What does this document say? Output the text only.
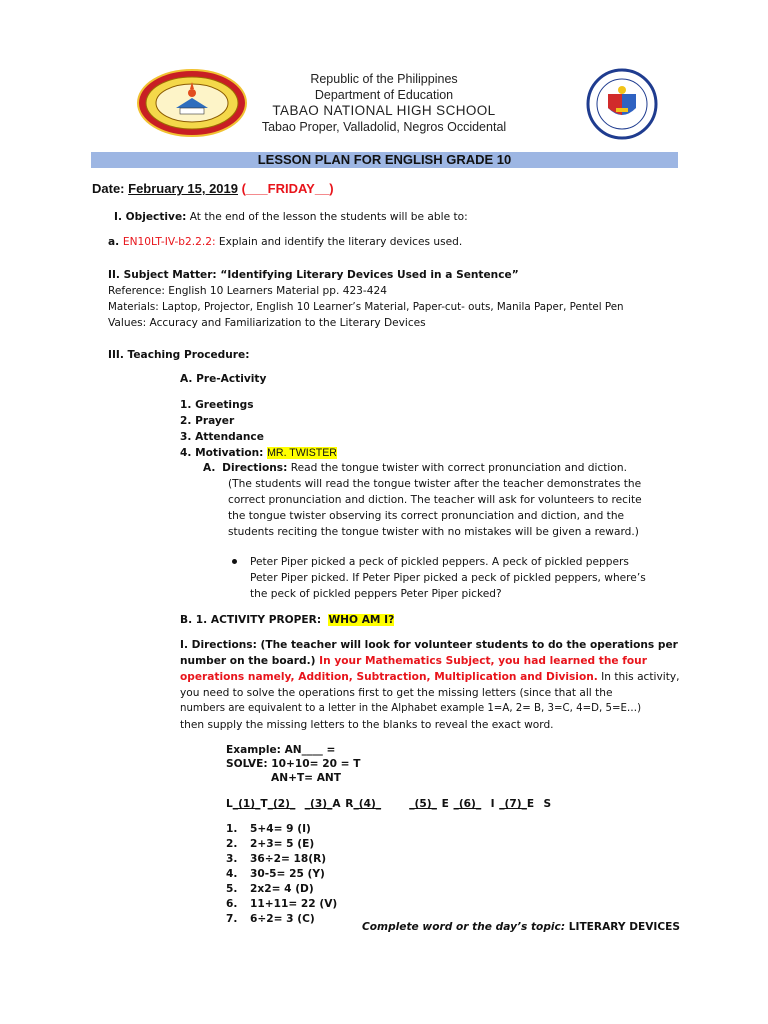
Republic of the Philippines
Department of Education
TABAO NATIONAL HIGH SCHOOL
Tabao Proper, Valladolid, Negros Occidental
LESSON PLAN FOR ENGLISH GRADE 10
Date: February 15, 2019 (___FRIDAY__)
I. Objective: At the end of the lesson the students will be able to:
a. EN10LT-IV-b2.2.2: Explain and identify the literary devices used.
II. Subject Matter: “Identifying Literary Devices Used in a Sentence”
Reference: English 10 Learners Material pp. 423-424
Materials: Laptop, Projector, English 10 Learner’s Material, Paper-cut- outs, Manila Paper, Pentel Pen
Values: Accuracy and Familiarization to the Literary Devices
III. Teaching Procedure:
A. Pre-Activity
1. Greetings
2. Prayer
3. Attendance
4. Motivation: MR. TWISTER
A. Directions: Read the tongue twister with correct pronunciation and diction.
(The students will read the tongue twister after the teacher demonstrates the
correct pronunciation and diction. The teacher will ask for volunteers to recite
the tongue twister observing its correct pronunciation and diction, and the
students reciting the tongue twister with no mistakes will be given a reward.)
Peter Piper picked a peck of pickled peppers. A peck of pickled peppers
Peter Piper picked. If Peter Piper picked a peck of pickled peppers, where’s
the peck of pickled peppers Peter Piper picked?
B. 1. ACTIVITY PROPER: WHO AM I?
I. Directions: (The teacher will look for volunteer students to do the operations per
number on the board.) In your Mathematics Subject, you had learned the four
operations namely, Addition, Subtraction, Multiplication and Division. In this activity,
you need to solve the operations first to get the missing letters (since that all the
numbers are equivalent to a letter in the Alphabet example 1=A, 2= B, 3=C, 4=D, 5=E…)
then supply the missing letters to the blanks to reveal the exact word.
Example: AN____ =
SOLVE: 10+10= 20 = T
AN+T= ANT
L_(1)_T_(2)_ _(3)_A R_(4)_	_(5)_ E _(6)_ I _(7)_E S
1. 5+4= 9 (I)
2. 2+3= 5 (E)
3. 36÷2= 18(R)
4. 30-5= 25 (Y)
5. 2x2= 4 (D)
6. 11+11= 22 (V)
7. 6÷2= 3 (C)
Complete word or the day’s topic: LITERARY DEVICES
